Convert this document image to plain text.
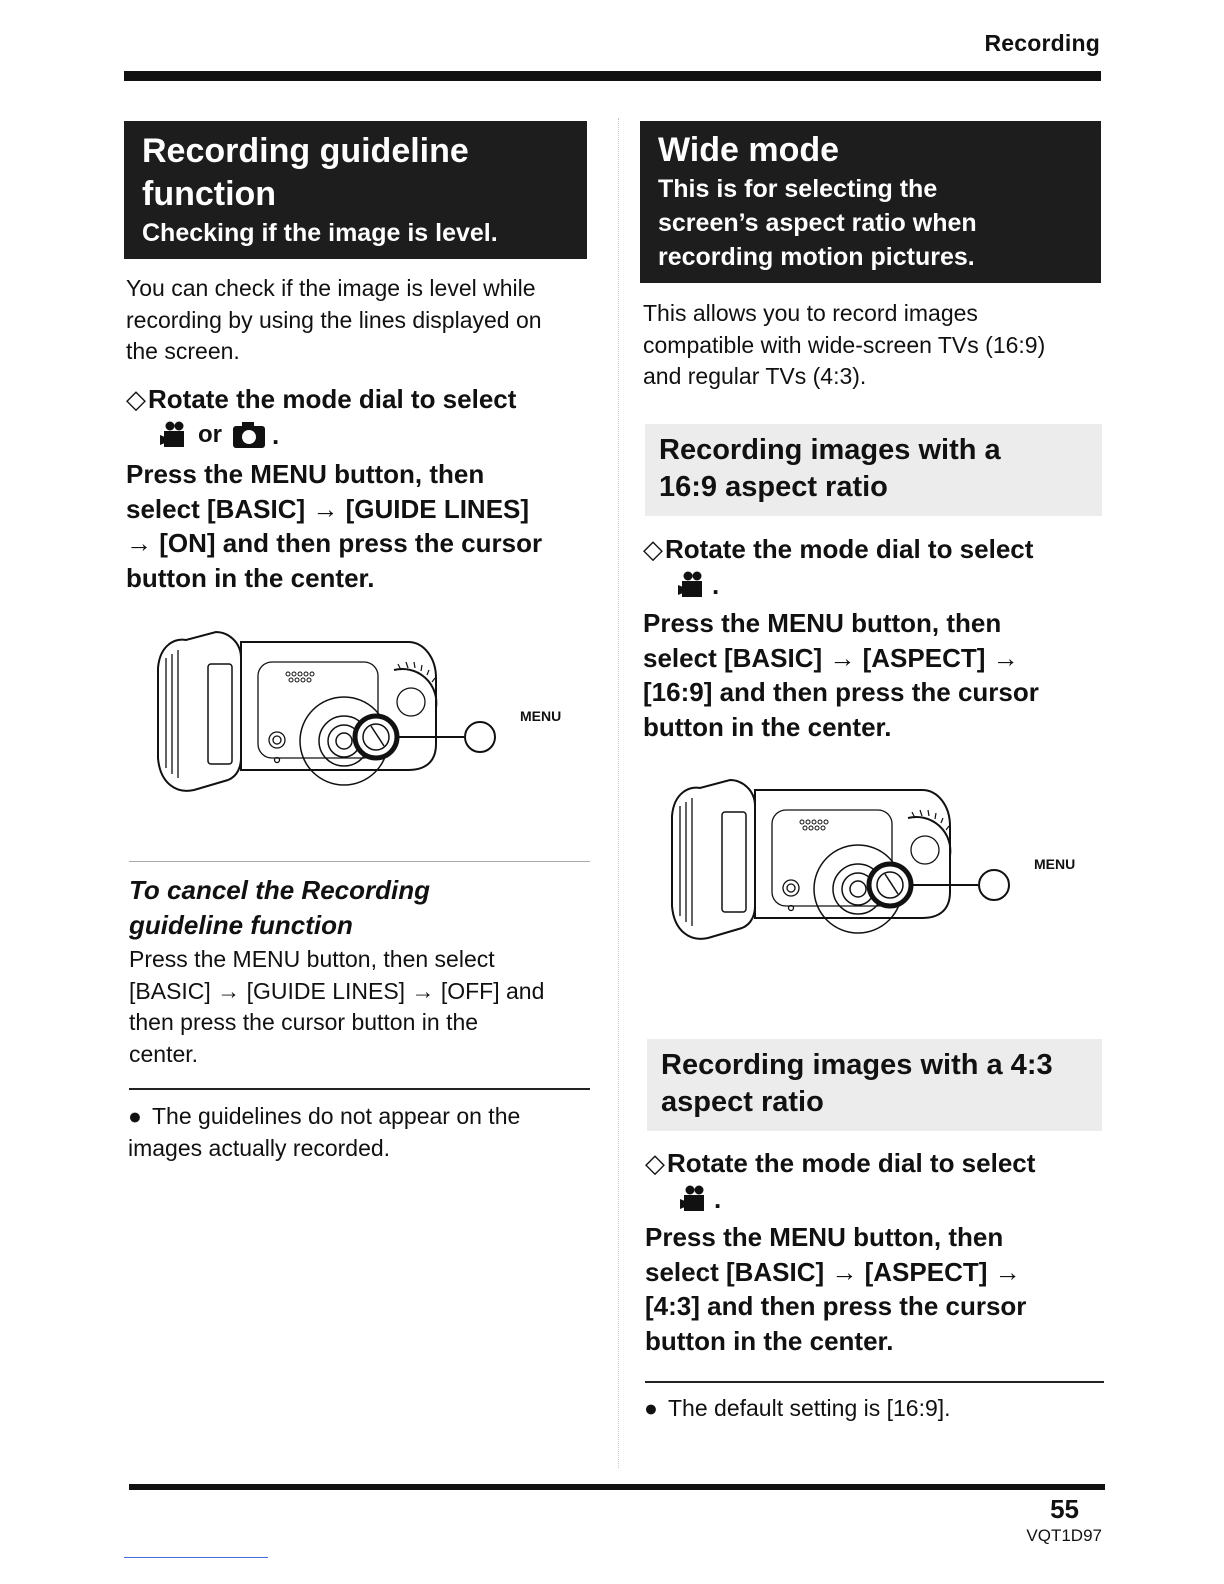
Recording
Recording guideline
function
Checking if the image is level.
You can check if the image is level while
recording by using the lines displayed on
the screen.
◇Rotate the mode dial to select
or .
Press the MENU button, then
select [BASIC] → [GUIDE LINES]
→ [ON] and then press the cursor
button in the center.
MENU
To cancel the Recording
guideline function
Press the MENU button, then select
[BASIC] → [GUIDE LINES] → [OFF] and
then press the cursor button in the
center.
● The guidelines do not appear on the
images actually recorded.
Wide mode
This is for selecting the
screen’s aspect ratio when
recording motion pictures.
This allows you to record images
compatible with wide-screen TVs (16:9)
and regular TVs (4:3).
Recording images with a
16:9 aspect ratio
◇Rotate the mode dial to select
.
Press the MENU button, then
select [BASIC] → [ASPECT] →
[16:9] and then press the cursor
button in the center.
MENU
Recording images with a 4:3
aspect ratio
◇Rotate the mode dial to select
.
Press the MENU button, then
select [BASIC] → [ASPECT] →
[4:3] and then press the cursor
button in the center.
● The default setting is [16:9].
55
VQT1D97
